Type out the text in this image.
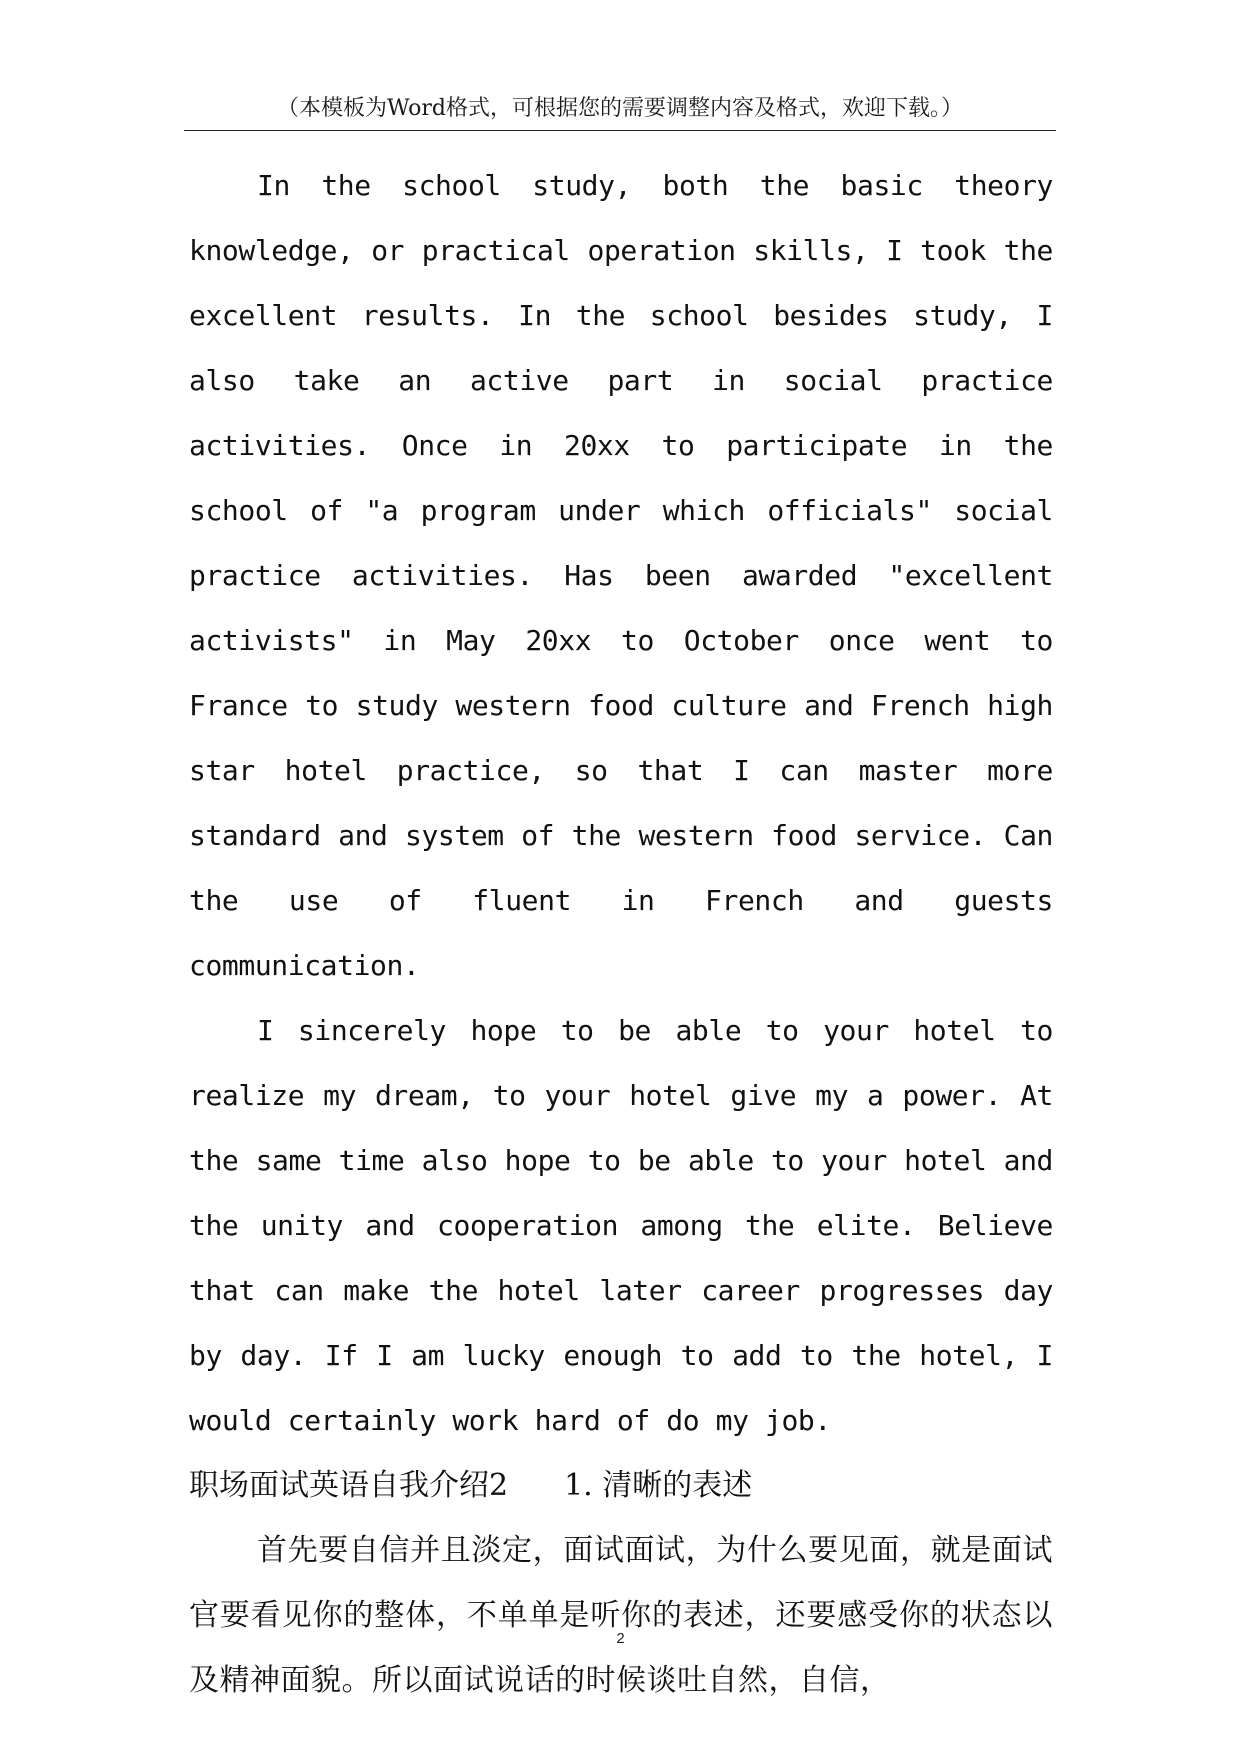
（本模板为Word格式，可根据您的需要调整内容及格式，欢迎下载。）

In the school study, both the basic theory knowledge, or practical operation skills, I took the excellent results. In the school besides study, I also take an active part in social practice activities. Once in 20xx to participate in the school of "a program under which officials" social practice activities. Has been awarded "excellent activists" in May 20xx to October once went to France to study western food culture and French high star hotel practice, so that I can master more standard and system of the western food service. Can the use of fluent in French and guests communication.

I sincerely hope to be able to your hotel to realize my dream, to your hotel give my a power. At the same time also hope to be able to your hotel and the unity and cooperation among the elite. Believe that can make the hotel later career progresses day by day. If I am lucky enough to add to the hotel, I would certainly work hard of do my job.

职场面试英语自我介绍2 1. 清晰的表述

首先要自信并且淡定，面试面试，为什么要见面，就是面试官要看见你的整体，不单单是听你的表述，还要感受你的状态以及精神面貌。所以面试说话的时候谈吐自然，自信，

2
